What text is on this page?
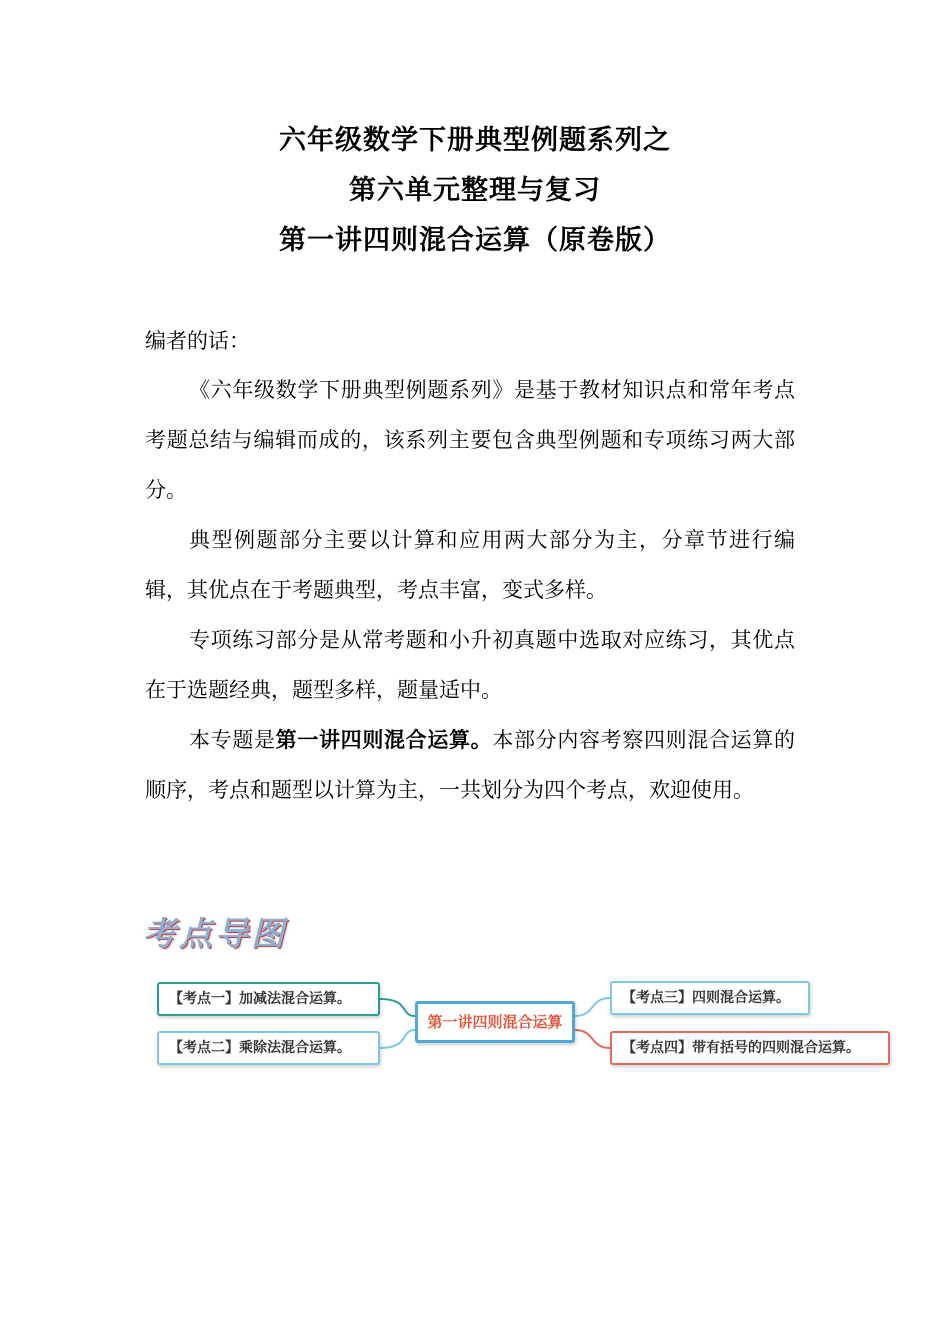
六年级数学下册典型例题系列之
第六单元整理与复习
第一讲四则混合运算（原卷版）
编者的话：

《六年级数学下册典型例题系列》是基于教材知识点和常年考点考题总结与编辑而成的，该系列主要包含典型例题和专项练习两大部分。

典型例题部分主要以计算和应用两大部分为主，分章节进行编辑，其优点在于考题典型，考点丰富，变式多样。

专项练习部分是从常考题和小升初真题中选取对应练习，其优点在于选题经典，题型多样，题量适中。

本专题是第一讲四则混合运算。本部分内容考察四则混合运算的顺序，考点和题型以计算为主，一共划分为四个考点，欢迎使用。

考点导图
【考点一】加减法混合运算。
【考点二】乘除法混合运算。
第一讲四则混合运算
【考点三】四则混合运算。
【考点四】带有括号的四则混合运算。
